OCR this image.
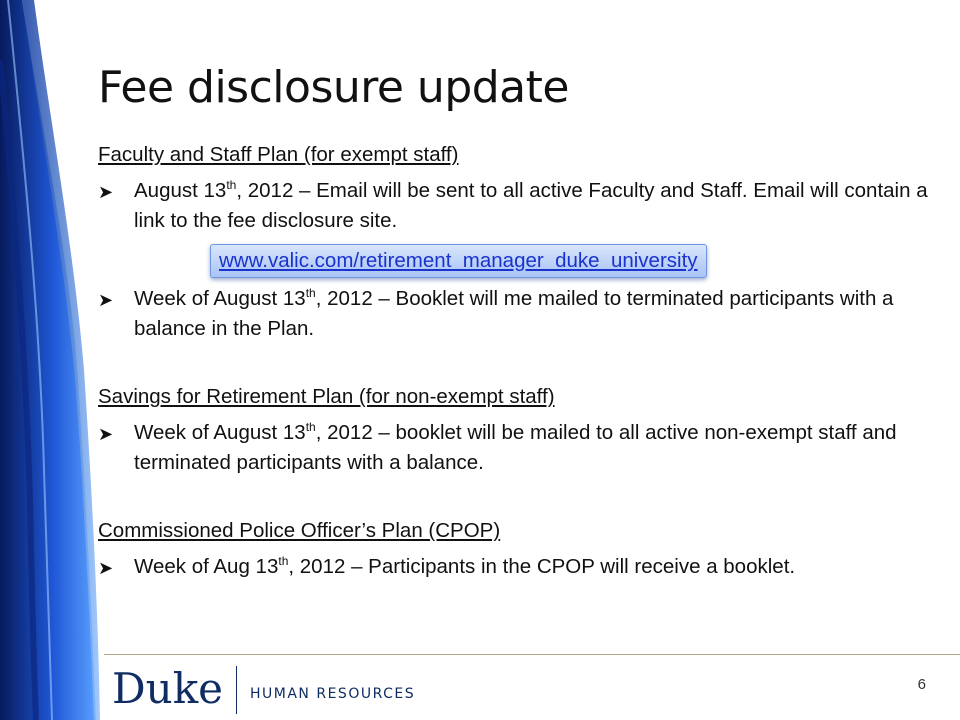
Fee disclosure update
Faculty and Staff Plan (for exempt staff)
➤	August 13th, 2012 – Email will be sent to all active Faculty and Staff. Email will contain a link to the fee disclosure site.
www.valic.com/retirement_manager_duke_university
➤	Week of August 13th, 2012 – Booklet will me mailed to terminated participants with a balance in the Plan.
Savings for Retirement Plan (for non-exempt staff)
➤	Week of August 13th, 2012 – booklet will be mailed to all active non-exempt staff and terminated participants with a balance.
Commissioned Police Officer’s Plan (CPOP)
➤	Week of Aug 13th, 2012 – Participants in the CPOP will receive a booklet.
Duke HUMAN RESOURCES
6
